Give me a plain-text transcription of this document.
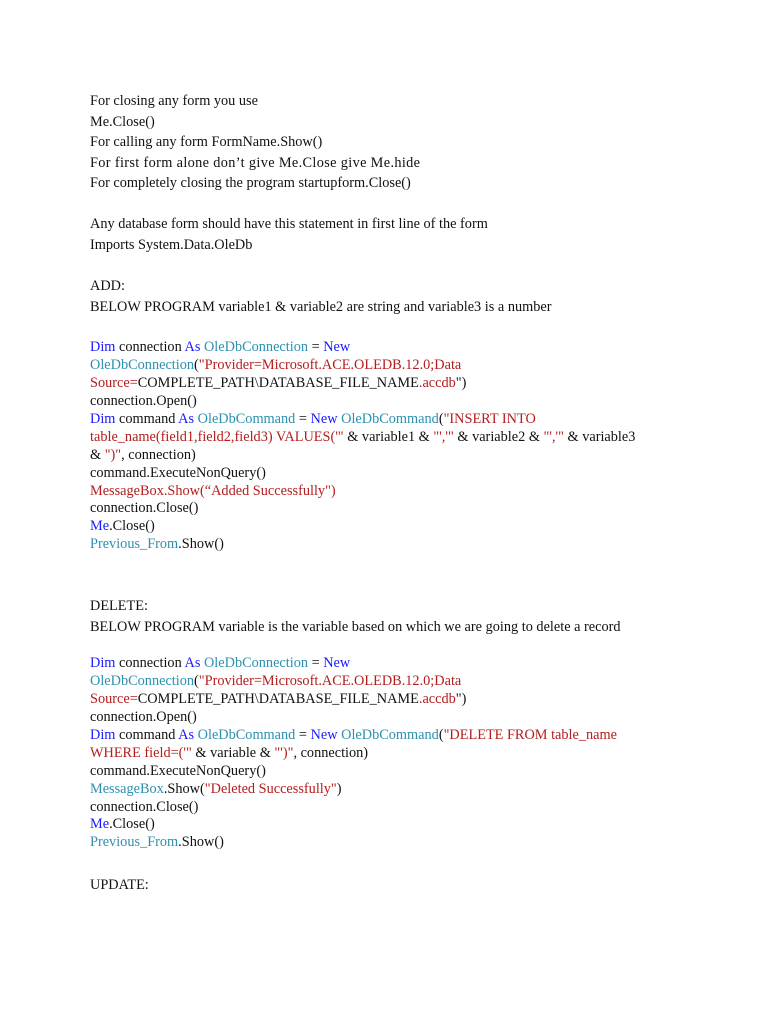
For closing any form you use
Me.Close()
For calling any form FormName.Show()
For first form alone don’t give Me.Close give Me.hide
For completely closing the program startupform.Close()
Any database form should have this statement in first line of the form
Imports System.Data.OleDb
ADD:
BELOW PROGRAM variable1 & variable2 are string and variable3 is a number
Dim connection As OleDbConnection = New
OleDbConnection("Provider=Microsoft.ACE.OLEDB.12.0;Data
Source=COMPLETE_PATH\DATABASE_FILE_NAME.accdb")
connection.Open()
Dim command As OleDbCommand = New OleDbCommand("INSERT INTO
table_name(field1,field2,field3) VALUES('" & variable1 & "','" & variable2 & "','" & variable3
& ")", connection)
command.ExecuteNonQuery()
MessageBox.Show(“Added Successfully")
connection.Close()
Me.Close()
Previous_From.Show()
DELETE:
BELOW PROGRAM variable is the variable based on which we are going to delete a record
Dim connection As OleDbConnection = New
OleDbConnection("Provider=Microsoft.ACE.OLEDB.12.0;Data
Source=COMPLETE_PATH\DATABASE_FILE_NAME.accdb")
connection.Open()
Dim command As OleDbCommand = New OleDbCommand("DELETE FROM table_name
WHERE field=('" & variable & "')", connection)
command.ExecuteNonQuery()
MessageBox.Show("Deleted Successfully")
connection.Close()
Me.Close()
Previous_From.Show()
UPDATE:
